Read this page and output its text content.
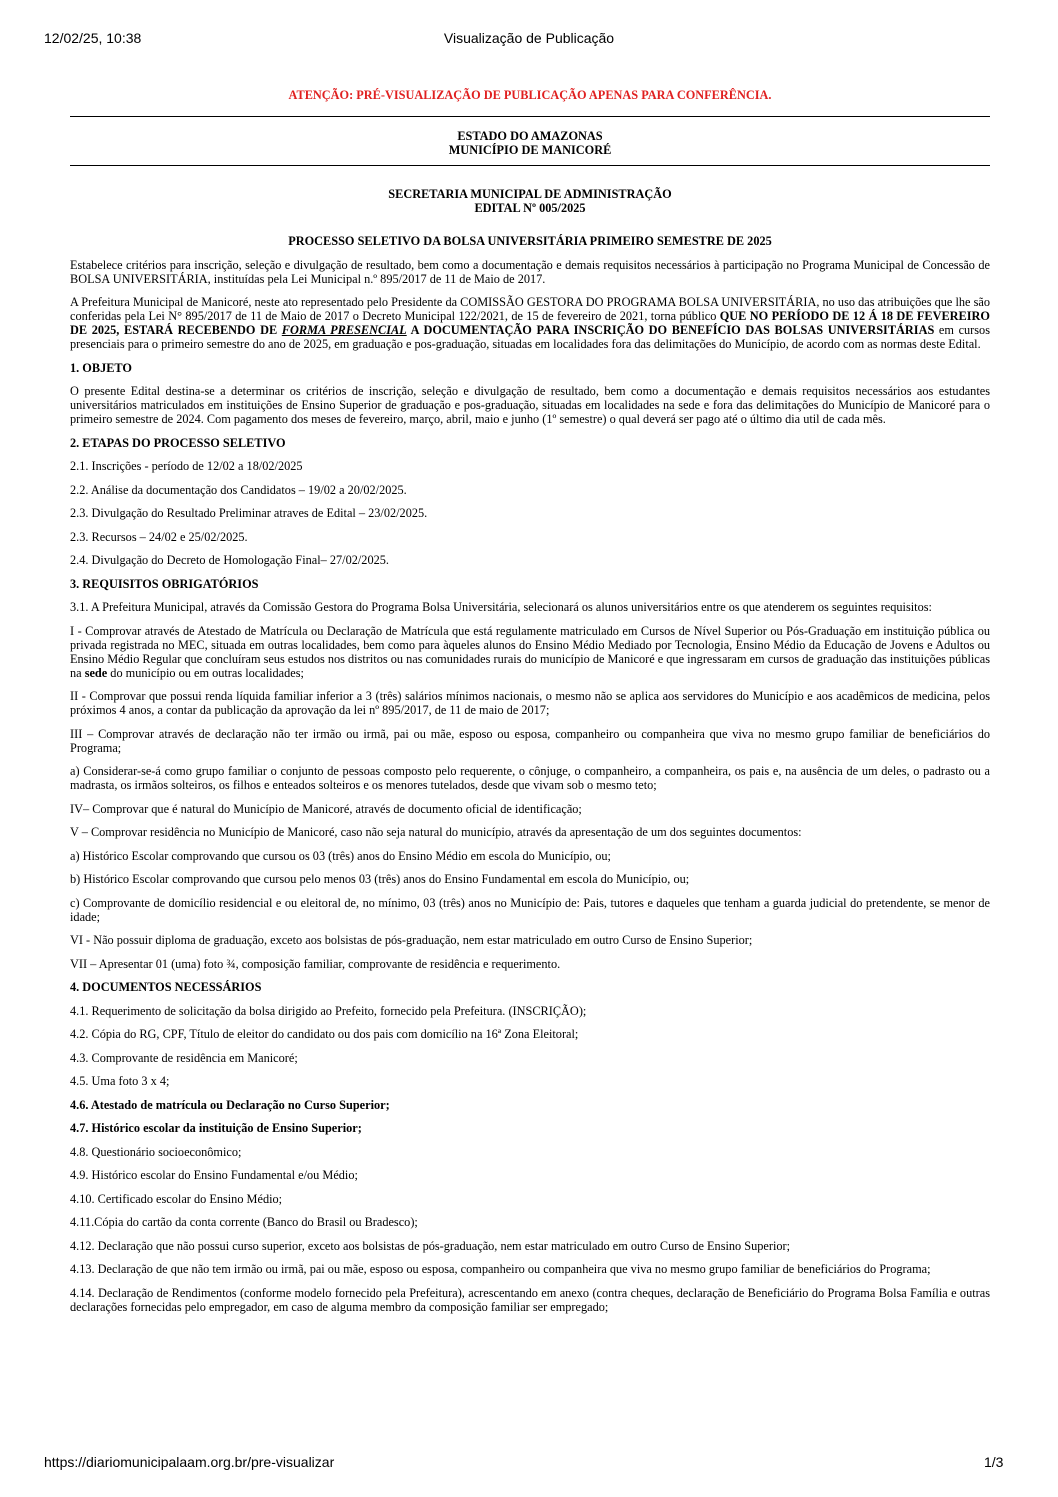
12/02/25, 10:38	Visualização de Publicação
ATENÇÃO: PRÉ-VISUALIZAÇÃO DE PUBLICAÇÃO APENAS PARA CONFERÊNCIA.
ESTADO DO AMAZONAS
MUNICÍPIO DE MANICORÉ
SECRETARIA MUNICIPAL DE ADMINISTRAÇÃO
EDITAL Nº 005/2025
PROCESSO SELETIVO DA BOLSA UNIVERSITÁRIA PRIMEIRO SEMESTRE DE 2025

Estabelece critérios para inscrição, seleção e divulgação de resultado, bem como a documentação e demais requisitos necessários à participação no Programa Municipal de Concessão de BOLSA UNIVERSITÁRIA, instituídas pela Lei Municipal n.º 895/2017 de 11 de Maio de 2017.

A Prefeitura Municipal de Manicoré, neste ato representado pelo Presidente da COMISSÃO GESTORA DO PROGRAMA BOLSA UNIVERSITÁRIA, no uso das atribuições que lhe são conferidas pela Lei N° 895/2017 de 11 de Maio de 2017 o Decreto Municipal 122/2021, de 15 de fevereiro de 2021, torna público QUE NO PERÍODO DE 12 Á 18 DE FEVEREIRO DE 2025, ESTARÁ RECEBENDO DE FORMA PRESENCIAL A DOCUMENTAÇÃO PARA INSCRIÇÃO DO BENEFÍCIO DAS BOLSAS UNIVERSITÁRIAS em cursos presenciais para o primeiro semestre do ano de 2025, em graduação e pos-graduação, situadas em localidades fora das delimitações do Município, de acordo com as normas deste Edital.

1. OBJETO

O presente Edital destina-se a determinar os critérios de inscrição, seleção e divulgação de resultado, bem como a documentação e demais requisitos necessários aos estudantes universitários matriculados em instituições de Ensino Superior de graduação e pos-graduação, situadas em localidades na sede e fora das delimitações do Município de Manicoré para o primeiro semestre de 2024. Com pagamento dos meses de fevereiro, março, abril, maio e junho (1º semestre) o qual deverá ser pago até o último dia util de cada mês.

2. ETAPAS DO PROCESSO SELETIVO

2.1. Inscrições - período de 12/02 a 18/02/2025

2.2. Análise da documentação dos Candidatos – 19/02 a 20/02/2025.

2.3. Divulgação do Resultado Preliminar atraves de Edital – 23/02/2025.

2.3. Recursos – 24/02 e 25/02/2025.

2.4. Divulgação do Decreto de Homologação Final– 27/02/2025.

3. REQUISITOS OBRIGATÓRIOS

3.1. A Prefeitura Municipal, através da Comissão Gestora do Programa Bolsa Universitária, selecionará os alunos universitários entre os que atenderem os seguintes requisitos:

I - Comprovar através de Atestado de Matrícula ou Declaração de Matrícula que está regulamente matriculado em Cursos de Nível Superior ou Pós-Graduação em instituição pública ou privada registrada no MEC, situada em outras localidades, bem como para àqueles alunos do Ensino Médio Mediado por Tecnologia, Ensino Médio da Educação de Jovens e Adultos ou Ensino Médio Regular que concluíram seus estudos nos distritos ou nas comunidades rurais do município de Manicoré e que ingressaram em cursos de graduação das instituições públicas na sede do município ou em outras localidades;

II - Comprovar que possui renda líquida familiar inferior a 3 (três) salários mínimos nacionais, o mesmo não se aplica aos servidores do Município e aos acadêmicos de medicina, pelos próximos 4 anos, a contar da publicação da aprovação da lei nº 895/2017, de 11 de maio de 2017;

III – Comprovar através de declaração não ter irmão ou irmã, pai ou mãe, esposo ou esposa, companheiro ou companheira que viva no mesmo grupo familiar de beneficiários do Programa;

a) Considerar-se-á como grupo familiar o conjunto de pessoas composto pelo requerente, o cônjuge, o companheiro, a companheira, os pais e, na ausência de um deles, o padrasto ou a madrasta, os irmãos solteiros, os filhos e enteados solteiros e os menores tutelados, desde que vivam sob o mesmo teto;

IV– Comprovar que é natural do Município de Manicoré, através de documento oficial de identificação;

V – Comprovar residência no Município de Manicoré, caso não seja natural do município, através da apresentação de um dos seguintes documentos:

a) Histórico Escolar comprovando que cursou os 03 (três) anos do Ensino Médio em escola do Município, ou;

b) Histórico Escolar comprovando que cursou pelo menos 03 (três) anos do Ensino Fundamental em escola do Município, ou;

c) Comprovante de domicílio residencial e ou eleitoral de, no mínimo, 03 (três) anos no Município de: Pais, tutores e daqueles que tenham a guarda judicial do pretendente, se menor de idade;

VI - Não possuir diploma de graduação, exceto aos bolsistas de pós-graduação, nem estar matriculado em outro Curso de Ensino Superior;

VII – Apresentar 01 (uma) foto ¾, composição familiar, comprovante de residência e requerimento.

4. DOCUMENTOS NECESSÁRIOS

4.1. Requerimento de solicitação da bolsa dirigido ao Prefeito, fornecido pela Prefeitura. (INSCRIÇÃO);

4.2. Cópia do RG, CPF, Título de eleitor do candidato ou dos pais com domicílio na 16ª Zona Eleitoral;

4.3. Comprovante de residência em Manicoré;

4.5. Uma foto 3 x 4;

4.6. Atestado de matrícula ou Declaração no Curso Superior;

4.7. Histórico escolar da instituição de Ensino Superior;

4.8. Questionário socioeconômico;

4.9. Histórico escolar do Ensino Fundamental e/ou Médio;

4.10. Certificado escolar do Ensino Médio;

4.11.Cópia do cartão da conta corrente (Banco do Brasil ou Bradesco);

4.12. Declaração que não possui curso superior, exceto aos bolsistas de pós-graduação, nem estar matriculado em outro Curso de Ensino Superior;

4.13. Declaração de que não tem irmão ou irmã, pai ou mãe, esposo ou esposa, companheiro ou companheira que viva no mesmo grupo familiar de beneficiários do Programa;

4.14. Declaração de Rendimentos (conforme modelo fornecido pela Prefeitura), acrescentando em anexo (contra cheques, declaração de Beneficiário do Programa Bolsa Família e outras declarações fornecidas pelo empregador, em caso de alguma membro da composição familiar ser empregado;

https://diariomunicipalaam.org.br/pre-visualizar	1/3
